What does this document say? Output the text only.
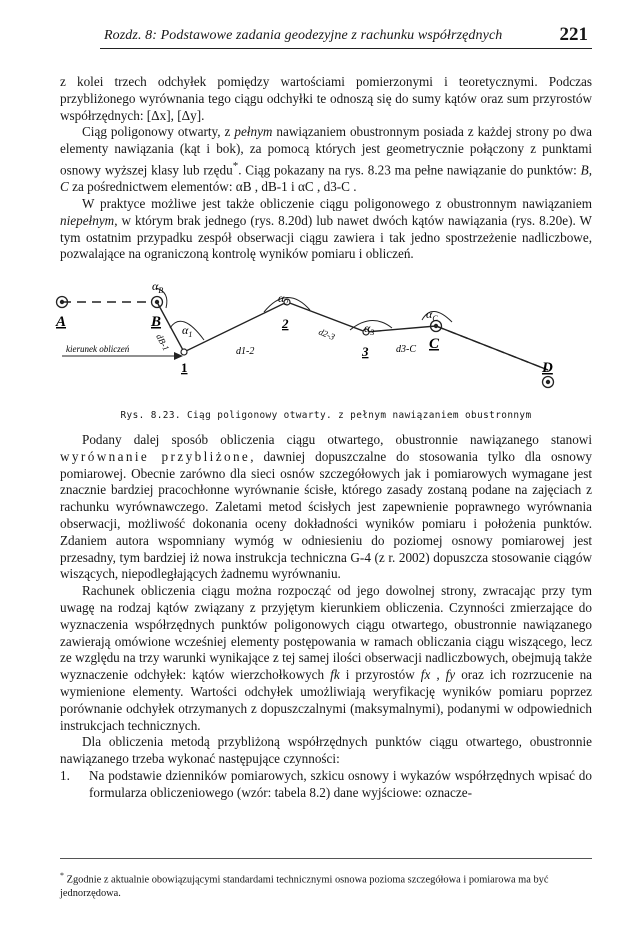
Rozdz. 8: Podstawowe zadania geodezyjne z rachunku współrzędnych	221

z kolei trzech odchyłek pomiędzy wartościami pomierzonymi i teoretycznymi. Podczas przybliżonego wyrównania tego ciągu odchyłki te odnoszą się do sumy kątów oraz sum przyrostów współrzędnych: [Δx], [Δy].

Ciąg poligonowy otwarty, z pełnym nawiązaniem obustronnym posiada z każdej strony po dwa elementy nawiązania (kąt i bok), za pomocą których jest geometrycznie połączony z punktami osnowy wyższej klasy lub rzędu*. Ciąg pokazany na rys. 8.23 ma pełne nawiązanie do punktów: B, C za pośrednictwem elementów: αB , dB-1 i αC , d3-C .

W praktyce możliwe jest także obliczenie ciągu poligonowego z obustronnym nawiązaniem niepełnym, w którym brak jednego (rys. 8.20d) lub nawet dwóch kątów nawiązania (rys. 8.20e). W tym ostatnim przypadku zespół obserwacji ciągu zawiera i tak jedno spostrzeżenie nadliczbowe, pozwalające na ograniczoną kontrolę wyników pomiaru i obliczeń.

kierunek obliczeń
A	B
1
2
3	C
D
$\alpha_B$
$\alpha_1$
$\alpha_2$
$\alpha_3$
$\alpha_C$
dB-1	d1-2
d2-3
d3-C
Rys. 8.23. Ciąg poligonowy otwarty. z pełnym nawiązaniem obustronnym

Podany dalej sposób obliczenia ciągu otwartego, obustronnie nawiązanego stanowi wyrównanie przybliżone, dawniej dopuszczalne do stosowania tylko dla osnowy pomiarowej. Obecnie zarówno dla sieci osnów szczegółowych jak i pomiarowych wymagane jest znacznie bardziej pracochłonne wyrównanie ścisłe, którego zasady zostaną podane na zajęciach z rachunku wyrównawczego. Zaletami metod ścisłych jest zapewnienie poprawnego wyrównania obserwacji, możliwość dokonania oceny dokładności wyników pomiaru i położenia punktów. Zdaniem autora wspomniany wymóg w odniesieniu do poziomej osnowy pomiarowej jest przesadny, tym bardziej iż nowa instrukcja techniczna G-4 (z r. 2002) dopuszcza stosowanie ciągów wiszących, niepodległających żadnemu wyrównaniu.

Rachunek obliczenia ciągu można rozpocząć od jego dowolnej strony, zwracając przy tym uwagę na rodzaj kątów związany z przyjętym kierunkiem obliczenia. Czynności zmierzające do wyznaczenia współrzędnych punktów poligonowych ciągu otwartego, obustronnie nawiązanego zawierają omówione wcześniej elementy postępowania w ramach obliczania ciągu wiszącego, lecz ze względu na trzy warunki wynikające z tej samej ilości obserwacji nadliczbowych, obejmują także wyznaczenie odchyłek: kątów wierzchołkowych fk i przyrostów fx , fy oraz ich rozrzucenie na wymienione elementy. Wartości odchyłek umożliwiają weryfikację wyników pomiaru poprzez porównanie odchyłek otrzymanych z dopuszczalnymi (maksymalnymi), podanymi w odpowiednich instrukcjach technicznych.

Dla obliczenia metodą przybliżoną współrzędnych punktów ciągu otwartego, obustronnie nawiązanego trzeba wykonać następujące czynności:

1. Na podstawie dzienników pomiarowych, szkicu osnowy i wykazów współrzędnych wpisać do formularza obliczeniowego (wzór: tabela 8.2) dane wyjściowe: oznacze-

* Zgodnie z aktualnie obowiązującymi standardami technicznymi osnowa pozioma szczegółowa i pomiarowa ma być jednorzędowa.
